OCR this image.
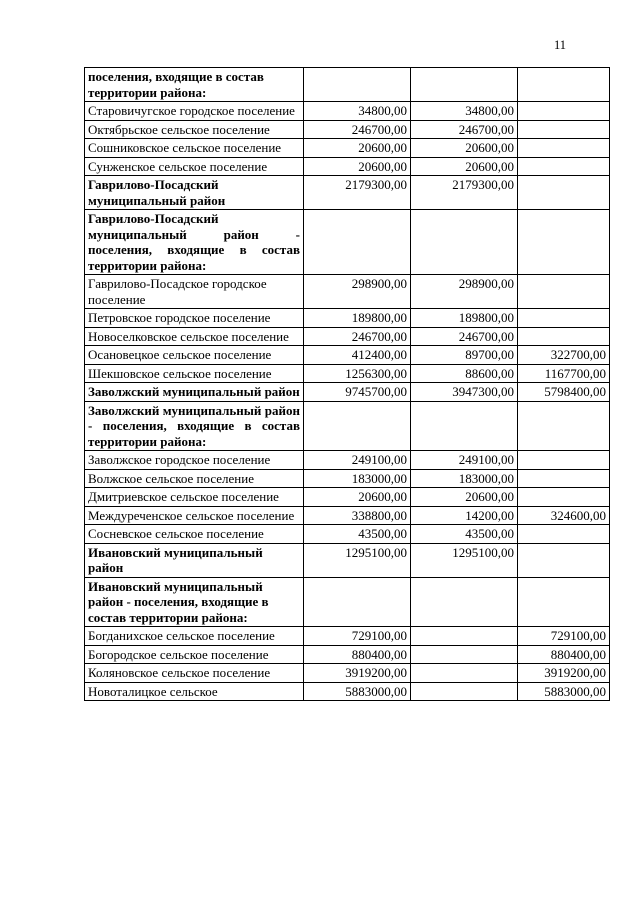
11
поселения, входящие в состав территории района:			
Старовичугское городское поселение	34800,00	34800,00	
Октябрьское сельское поселение	246700,00	246700,00	
Сошниковское сельское поселение	20600,00	20600,00	
Сунженское сельское поселение	20600,00	20600,00	
Гаврилово-Посадский муниципальный район	2179300,00	2179300,00	
Гаврилово-Посадский муниципальный район - поселения, входящие в состав территории района:			
Гаврилово-Посадское городское поселение	298900,00	298900,00	
Петровское городское поселение	189800,00	189800,00	
Новоселковское сельское поселение	246700,00	246700,00	
Осановецкое сельское поселение	412400,00	89700,00	322700,00
Шекшовское сельское поселение	1256300,00	88600,00	1167700,00
Заволжский муниципальный район	9745700,00	3947300,00	5798400,00
Заволжский муниципальный район - поселения, входящие в состав территории района:			
Заволжское городское поселение	249100,00	249100,00	
Волжское сельское поселение	183000,00	183000,00	
Дмитриевское сельское поселение	20600,00	20600,00	
Междуреченское сельское поселение	338800,00	14200,00	324600,00
Сосневское сельское поселение	43500,00	43500,00	
Ивановский муниципальный район	1295100,00	1295100,00	
Ивановский муниципальный район - поселения, входящие в состав территории района:			
Богданихское сельское поселение	729100,00		729100,00
Богородское сельское поселение	880400,00		880400,00
Коляновское сельское поселение	3919200,00		3919200,00
Новоталицкое сельское	5883000,00		5883000,00
